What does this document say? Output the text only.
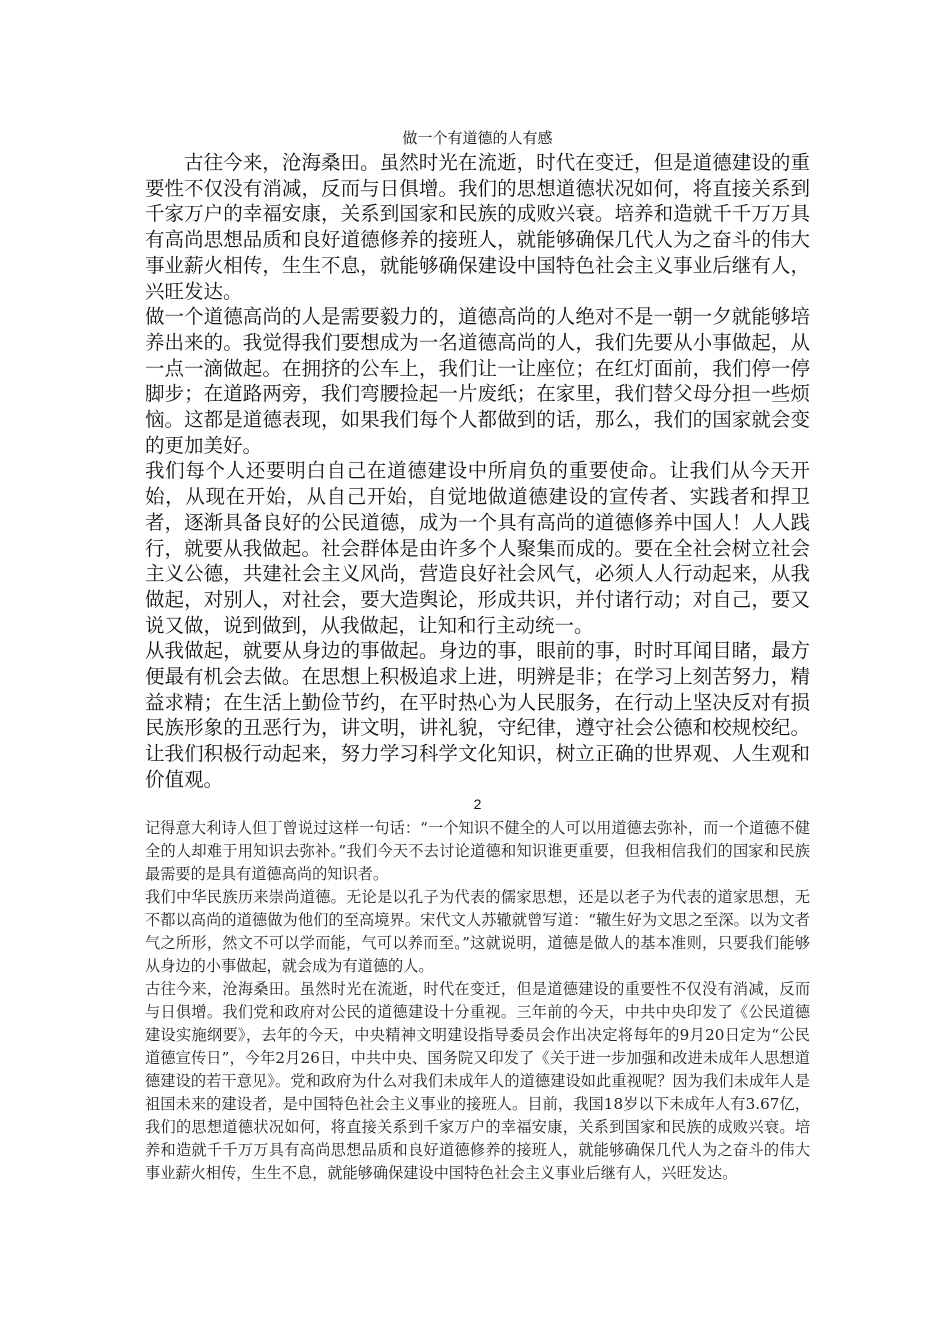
做一个有道德的人有感

古往今来，沧海桑田。虽然时光在流逝，时代在变迁，但是道德建设的重要性不仅没有消减，反而与日俱增。我们的思想道德状况如何，将直接关系到千家万户的幸福安康，关系到国家和民族的成败兴衰。培养和造就千千万万具有高尚思想品质和良好道德修养的接班人，就能够确保几代人为之奋斗的伟大事业薪火相传，生生不息，就能够确保建设中国特色社会主义事业后继有人，兴旺发达。

做一个道德高尚的人是需要毅力的，道德高尚的人绝对不是一朝一夕就能够培养出来的。我觉得我们要想成为一名道德高尚的人，我们先要从小事做起，从一点一滴做起。在拥挤的公车上，我们让一让座位；在红灯面前，我们停一停脚步；在道路两旁，我们弯腰捡起一片废纸；在家里，我们替父母分担一些烦恼。这都是道德表现，如果我们每个人都做到的话，那么，我们的国家就会变的更加美好。

我们每个人还要明白自己在道德建设中所肩负的重要使命。让我们从今天开始，从现在开始，从自己开始，自觉地做道德建设的宣传者、实践者和捍卫者，逐渐具备良好的公民道德，成为一个具有高尚的道德修养中国人！人人践行，就要从我做起。社会群体是由许多个人聚集而成的。要在全社会树立社会主义公德，共建社会主义风尚，营造良好社会风气，必须人人行动起来，从我做起，对别人，对社会，要大造舆论，形成共识，并付诸行动；对自己，要又说又做，说到做到，从我做起，让知和行主动统一。

从我做起，就要从身边的事做起。身边的事，眼前的事，时时耳闻目睹，最方便最有机会去做。在思想上积极追求上进，明辨是非；在学习上刻苦努力，精益求精；在生活上勤俭节约，在平时热心为人民服务，在行动上坚决反对有损民族形象的丑恶行为，讲文明，讲礼貌，守纪律，遵守社会公德和校规校纪。让我们积极行动起来，努力学习科学文化知识，树立正确的世界观、人生观和价值观。

2

记得意大利诗人但丁曾说过这样一句话：“一个知识不健全的人可以用道德去弥补，而一个道德不健全的人却难于用知识去弥补。”我们今天不去讨论道德和知识谁更重要，但我相信我们的国家和民族最需要的是具有道德高尚的知识者。

我们中华民族历来崇尚道德。无论是以孔子为代表的儒家思想，还是以老子为代表的道家思想，无不都以高尚的道德做为他们的至高境界。宋代文人苏辙就曾写道：“辙生好为文思之至深。以为文者气之所形，然文不可以学而能，气可以养而至。”这就说明，道德是做人的基本准则，只要我们能够从身边的小事做起，就会成为有道德的人。

古往今来，沧海桑田。虽然时光在流逝，时代在变迁，但是道德建设的重要性不仅没有消减，反而与日俱增。我们党和政府对公民的道德建设十分重视。三年前的今天，中共中央印发了《公民道德建设实施纲要》，去年的今天，中央精神文明建设指导委员会作出决定将每年的9月20日定为“公民道德宣传日”，今年2月26日，中共中央、国务院又印发了《关于进一步加强和改进未成年人思想道德建设的若干意见》。党和政府为什么对我们未成年人的道德建设如此重视呢？因为我们未成年人是祖国未来的建设者，是中国特色社会主义事业的接班人。目前，我国18岁以下未成年人有3.67亿，我们的思想道德状况如何，将直接关系到千家万户的幸福安康，关系到国家和民族的成败兴衰。培养和造就千千万万具有高尚思想品质和良好道德修养的接班人，就能够确保几代人为之奋斗的伟大事业薪火相传，生生不息，就能够确保建设中国特色社会主义事业后继有人，兴旺发达。
